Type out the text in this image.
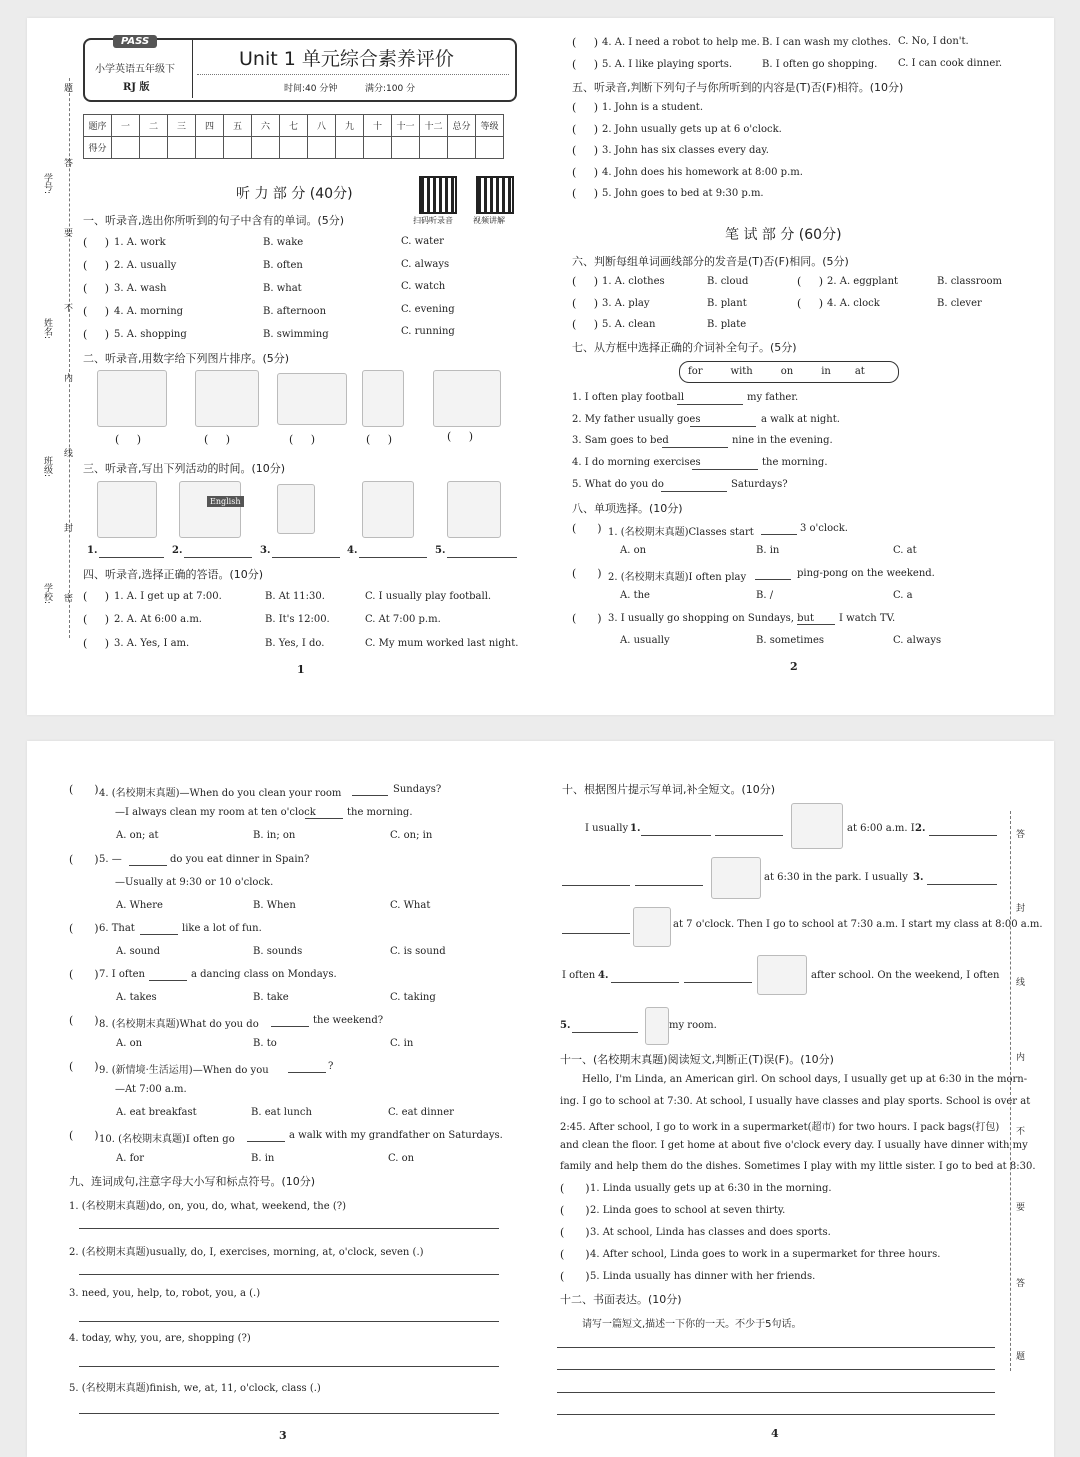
学号:
姓名:
班级:
学校:
题
答
要
不
内
线
封
密
PASS
小学英语五年级下
RJ 版
Unit 1 单元综合素养评价
时间:40 分钟	满分:100 分
题序	一	二	三	四	五	六	七	八	九	十	十一	十二	总分	等级
得分														
听 力 部 分 (40分)
扫码听录音	视频讲解
一、听录音,选出你所听到的句子中含有的单词。(5分)
(     ) 1. A. work	B. wake	C. water
(     ) 2. A. usually	B. often	C. always
(     ) 3. A. wash	B. what	C. watch
(     ) 4. A. morning	B. afternoon	C. evening
(     ) 5. A. shopping	B. swimming	C. running
二、听录音,用数字给下列图片排序。(5分)
(     )	(     )	(     )	(     )	(     )
三、听录音,写出下列活动的时间。(10分)
English
1.	2.	3.	4.	5.
四、听录音,选择正确的答语。(10分)
(     ) 1. A. I get up at 7:00.	B. At 11:30.	C. I usually play football.
(     ) 2. A. At 6:00 a.m.	B. It's 12:00.	C. At 7:00 p.m.
(     ) 3. A. Yes, I am.	B. Yes, I do.	C. My mum worked last night.
1
(     ) 4. A. I need a robot to help me. B. I can wash my clothes. C. No, I don't.
(     ) 5. A. I like playing sports.	B. I often go shopping. C. I can cook dinner.
五、听录音,判断下列句子与你所听到的内容是(T)否(F)相符。(10分)
(     ) 1. John is a student.
(     ) 2. John usually gets up at 6 o'clock.
(     ) 3. John has six classes every day.
(     ) 4. John does his homework at 8:00 p.m.
(     ) 5. John goes to bed at 9:30 p.m.
笔 试 部 分 (60分)
六、判断每组单词画线部分的发音是(T)否(F)相同。(5分)
(     ) 1. A. clothes	B. cloud	(     ) 2. A. eggplant	B. classroom
(     ) 3. A. play	B. plant	(     ) 4. A. clock	B. clever
(     ) 5. A. clean	B. plate
七、从方框中选择正确的介词补全句子。(5分)
for	with	on	in at
1. I often play football	my father.
2. My father usually goes	a walk at night.
3. Sam goes to bed	nine in the evening.
4. I do morning exercises	the morning.
5. What do you do	Saturdays?
八、单项选择。(10分)
(      ) 1. (名校期末真题)Classes start	3 o'clock.
A. on	B. in	C. at
(      ) 2. (名校期末真题)I often play	ping-pong on the weekend.
A. the	B. /	C. a
(      ) 3. I usually go shopping on Sundays, but	I watch TV.
A. usually	B. sometimes	C. always
2
(      ) 4. (名校期末真题)—When do you clean your room	Sundays?
—I always clean my room at ten o'clock	the morning.
A. on; at	B. in; on	C. on; in
(      ) 5. —	do you eat dinner in Spain?
—Usually at 9:30 or 10 o'clock.
A. Where	B. When	C. What
(      ) 6. That	like a lot of fun.
A. sound	B. sounds	C. is sound
(      ) 7. I often	a dancing class on Mondays.
A. takes	B. take	C. taking
(      ) 8. (名校期末真题)What do you do	the weekend?
A. on	B. to	C. in
(      ) 9. (新情境·生活运用)—When do you	?
—At 7:00 a.m.
A. eat breakfast	B. eat lunch	C. eat dinner
(      ) 10. (名校期末真题)I often go	a walk with my grandfather on Saturdays.
A. for	B. in	C. on
九、连词成句,注意字母大小写和标点符号。(10分)
1. (名校期末真题)do, on, you, do, what, weekend, the (?)
2. (名校期末真题)usually, do, I, exercises, morning, at, o'clock, seven (.)
3. need, you, help, to, robot, you, a (.)
4. today, why, you, are, shopping (?)
5. (名校期末真题)finish, we, at, 11, o'clock, class (.)
3
十、根据图片提示写单词,补全短文。(10分)
I usually 1.	at 6:00 a.m. I 2.
at 6:30 in the park. I usually 3.
at 7 o'clock. Then I go to school at 7:30 a.m. I start my class at 8:00 a.m.
I often 4.	after school. On the weekend, I often
5.	my room.
十一、(名校期末真题)阅读短文,判断正(T)误(F)。(10分)
Hello, I'm Linda, an American girl. On school days, I usually get up at 6:30 in the morn-
ing. I go to school at 7:30. At school, I usually have classes and play sports. School is over at
2:45. After school, I go to work in a supermarket(超市) for two hours. I pack bags(打包)
and clean the floor. I get home at about five o'clock every day. I usually have dinner with my
family and help them do the dishes. Sometimes I play with my little sister. I go to bed at 8:30.
(      ) 1. Linda usually gets up at 6:30 in the morning.
(      ) 2. Linda goes to school at seven thirty.
(      ) 3. At school, Linda has classes and does sports.
(      ) 4. After school, Linda goes to work in a supermarket for three hours.
(      ) 5. Linda usually has dinner with her friends.
十二、书面表达。(10分)
请写一篇短文,描述一下你的一天。不少于5句话。
4
答
封
线
内
不
要
答
题
